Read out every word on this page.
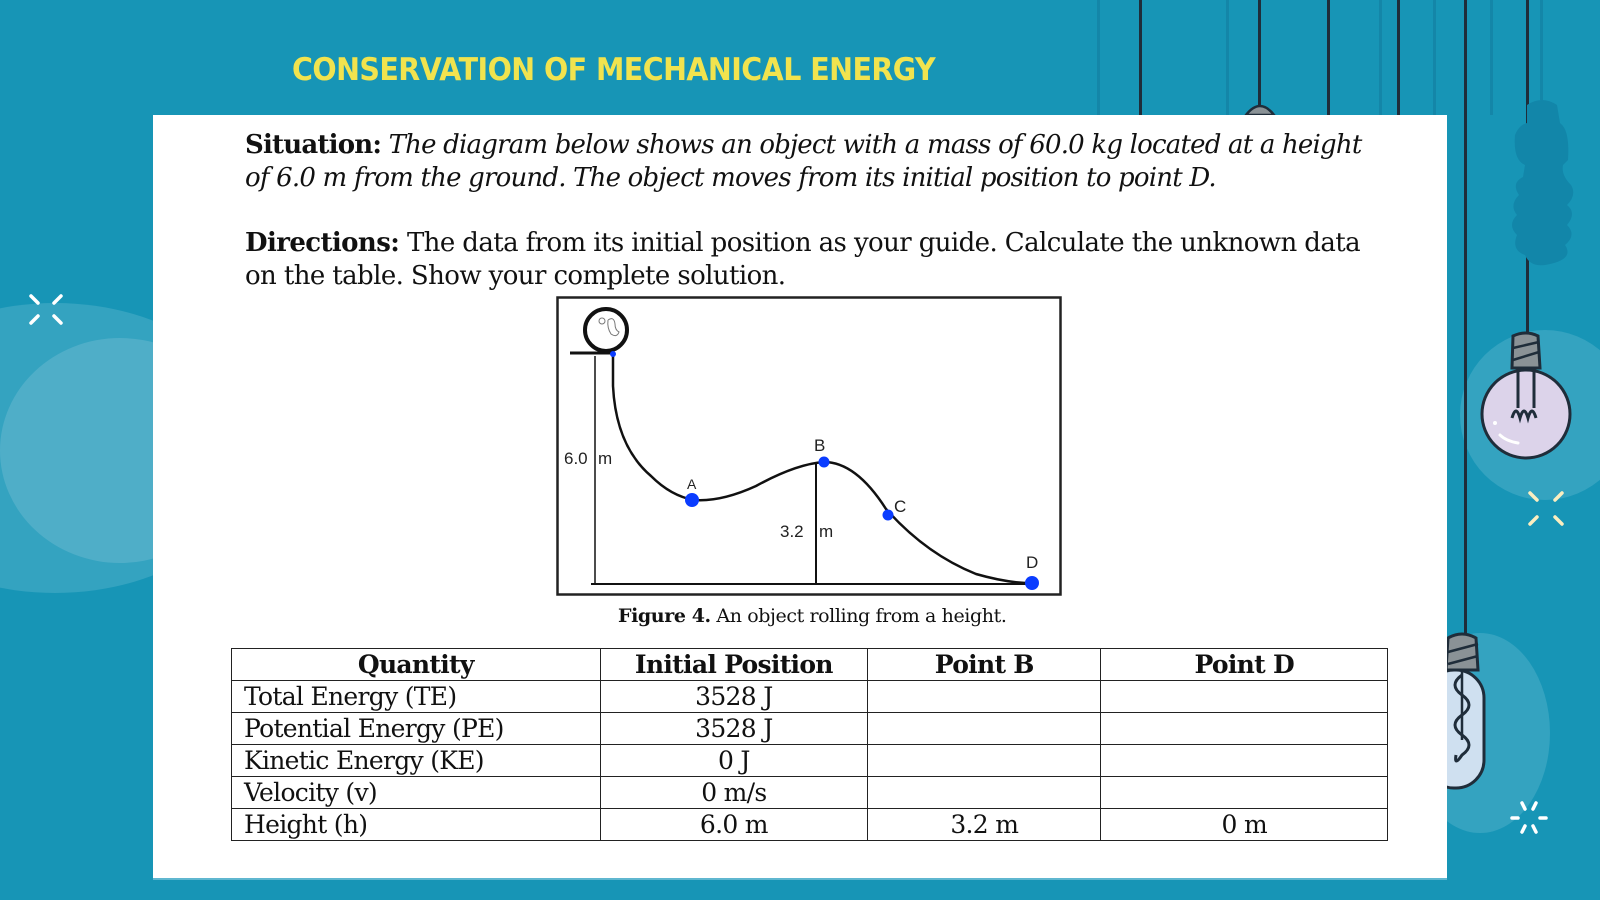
CONSERVATION OF MECHANICAL ENERGY
Situation: The diagram below shows an object with a mass of 60.0 kg located at a height of 6.0 m from the ground. The object moves from its initial position to point D.
Directions: The data from its initial position as your guide. Calculate the unknown data on the table. Show your complete solution.
6.0 m
3.2 m
A
B
C
D
Figure 4. An object rolling from a height.
Quantity	Initial Position	Point B	Point D
Total Energy (TE)	3528 J		
Potential Energy (PE)	3528 J		
Kinetic Energy (KE)	0 J		
Velocity (v)	0 m/s		
Height (h)	6.0 m	3.2 m	0 m
